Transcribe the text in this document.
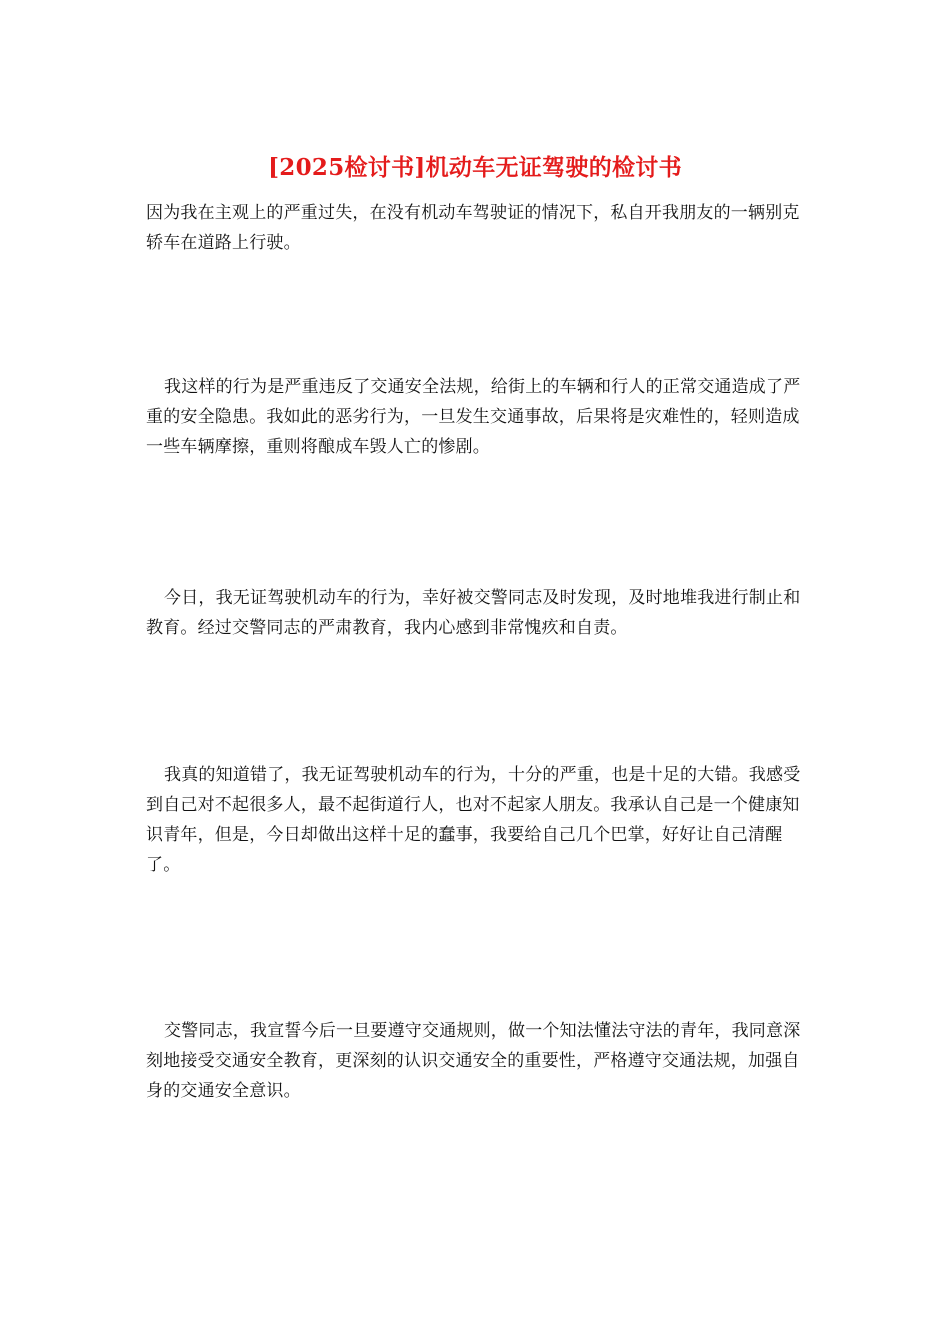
[2025检讨书]机动车无证驾驶的检讨书

因为我在主观上的严重过失，在没有机动车驾驶证的情况下，私自开我朋友的一辆别克轿车在道路上行驶。

我这样的行为是严重违反了交通安全法规，给街上的车辆和行人的正常交通造成了严重的安全隐患。我如此的恶劣行为，一旦发生交通事故，后果将是灾难性的，轻则造成一些车辆摩擦，重则将酿成车毁人亡的惨剧。

今日，我无证驾驶机动车的行为，幸好被交警同志及时发现，及时地堆我进行制止和教育。经过交警同志的严肃教育，我内心感到非常愧疚和自责。

我真的知道错了，我无证驾驶机动车的行为，十分的严重，也是十足的大错。我感受到自己对不起很多人，最不起街道行人，也对不起家人朋友。我承认自己是一个健康知识青年，但是，今日却做出这样十足的蠢事，我要给自己几个巴掌，好好让自己清醒了。

交警同志，我宣誓今后一旦要遵守交通规则，做一个知法懂法守法的青年，我同意深刻地接受交通安全教育，更深刻的认识交通安全的重要性，严格遵守交通法规，加强自身的交通安全意识。
